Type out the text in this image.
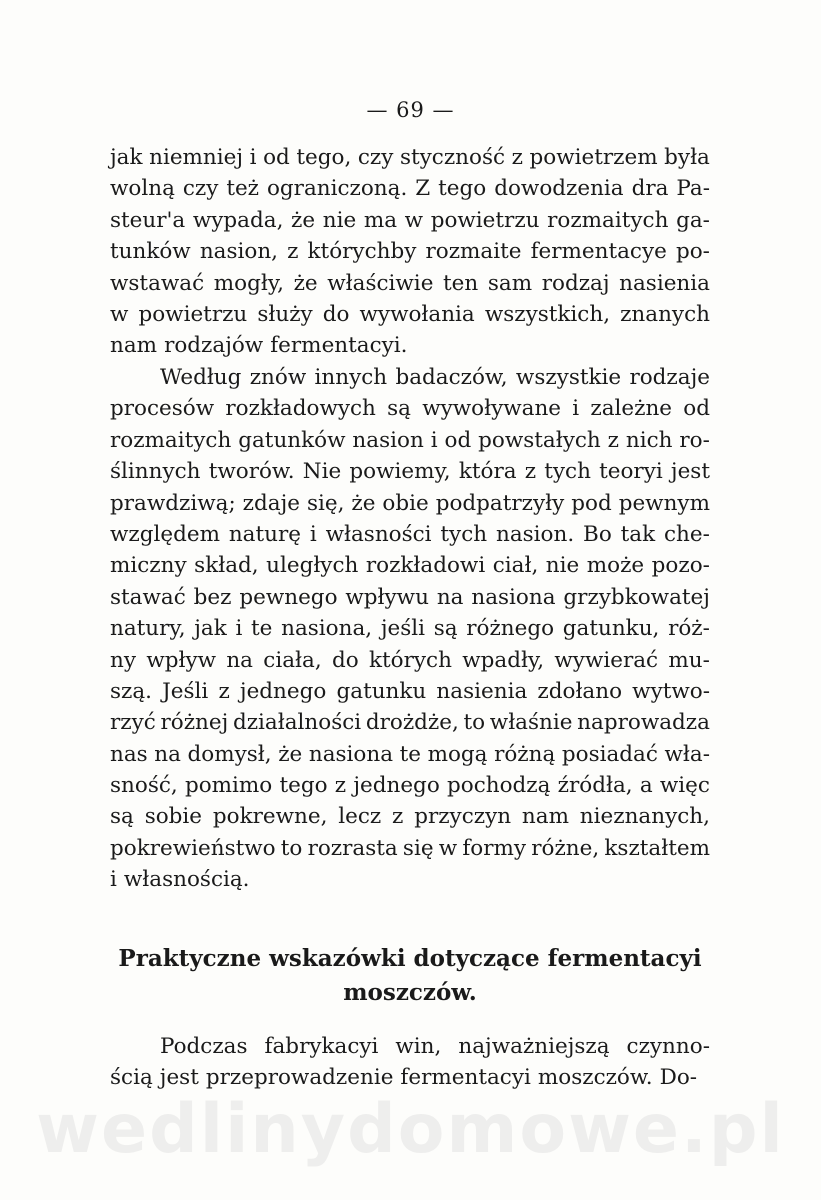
— 69 —
jak niemniej i od tego, czy styczność z powietrzem była
wolną czy też ograniczoną. Z tego dowodzenia dra Pa-
steur'a wypada, że nie ma w powietrzu rozmaitych ga-
tunków nasion, z którychby rozmaite fermentacye po-
wstawać mogły, że właściwie ten sam rodzaj nasienia
w powietrzu służy do wywołania wszystkich, znanych
nam rodzajów fermentacyi.
Według znów innych badaczów, wszystkie rodzaje
procesów rozkładowych są wywoływane i zależne od
rozmaitych gatunków nasion i od powstałych z nich ro-
ślinnych tworów. Nie powiemy, która z tych teoryi jest
prawdziwą; zdaje się, że obie podpatrzyły pod pewnym
względem naturę i własności tych nasion. Bo tak che-
miczny skład, uległych rozkładowi ciał, nie może pozo-
stawać bez pewnego wpływu na nasiona grzybkowatej
natury, jak i te nasiona, jeśli są różnego gatunku, róż-
ny wpływ na ciała, do których wpadły, wywierać mu-
szą. Jeśli z jednego gatunku nasienia zdołano wytwo-
rzyć różnej działalności drożdże, to właśnie naprowadza
nas na domysł, że nasiona te mogą różną posiadać wła-
sność, pomimo tego z jednego pochodzą źródła, a więc
są sobie pokrewne, lecz z przyczyn nam nieznanych,
pokrewieństwo to rozrasta się w formy różne, kształtem
i własnością.
Praktyczne wskazówki dotyczące fermentacyi
moszczów.
Podczas fabrykacyi win, najważniejszą czynno-
ścią jest przeprowadzenie fermentacyi moszczów. Do-
wedlinydomowe.pl
